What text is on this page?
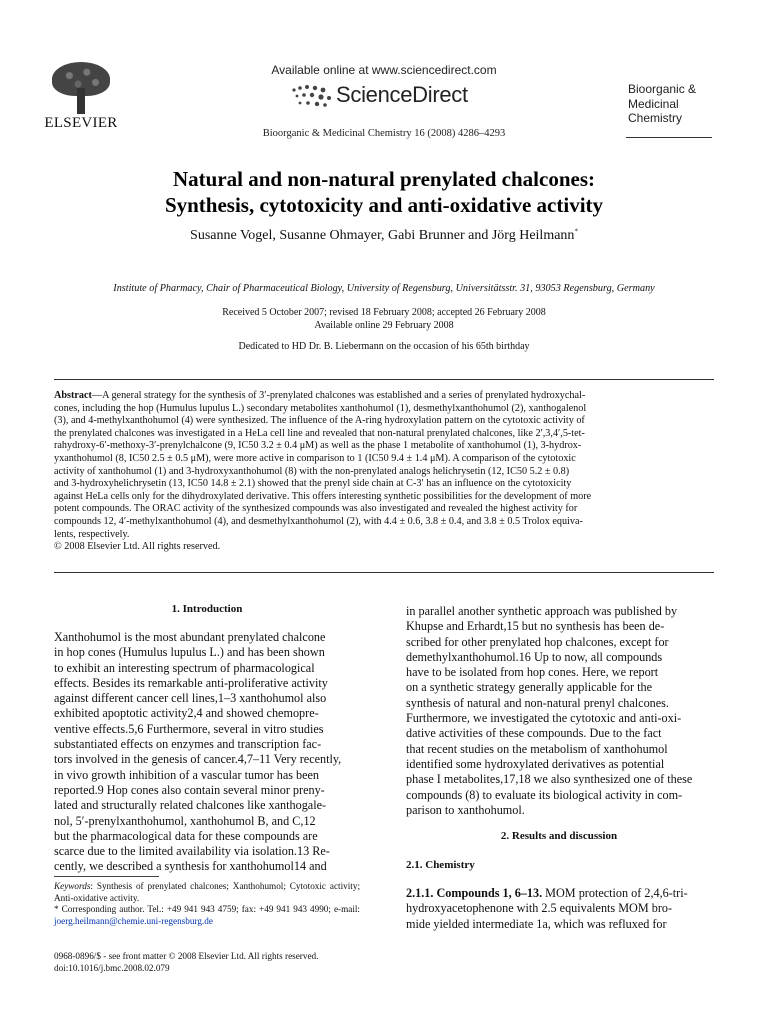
ELSEVIER
Available online at www.sciencedirect.com
ScienceDirect
Bioorganic & Medicinal Chemistry 16 (2008) 4286–4293
Bioorganic &
Medicinal
Chemistry
Natural and non-natural prenylated chalcones:
Synthesis, cytotoxicity and anti-oxidative activity
Susanne Vogel, Susanne Ohmayer, Gabi Brunner and Jörg Heilmann*
Institute of Pharmacy, Chair of Pharmaceutical Biology, University of Regensburg, Universitätsstr. 31, 93053 Regensburg, Germany
Received 5 October 2007; revised 18 February 2008; accepted 26 February 2008
Available online 29 February 2008
Dedicated to HD Dr. B. Liebermann on the occasion of his 65th birthday
Abstract—A general strategy for the synthesis of 3′-prenylated chalcones was established and a series of prenylated hydroxychal-
cones, including the hop (Humulus lupulus L.) secondary metabolites xanthohumol (1), desmethylxanthohumol (2), xanthogalenol
(3), and 4-methylxanthohumol (4) were synthesized. The influence of the A-ring hydroxylation pattern on the cytotoxic activity of
the prenylated chalcones was investigated in a HeLa cell line and revealed that non-natural prenylated chalcones, like 2′,3,4′,5-tet-
rahydroxy-6′-methoxy-3′-prenylchalcone (9, IC50 3.2 ± 0.4 μM) as well as the phase 1 metabolite of xanthohumol (1), 3-hydrox-
yxanthohumol (8, IC50 2.5 ± 0.5 μM), were more active in comparison to 1 (IC50 9.4 ± 1.4 μM). A comparison of the cytotoxic
activity of xanthohumol (1) and 3-hydroxyxanthohumol (8) with the non-prenylated analogs helichrysetin (12, IC50 5.2 ± 0.8)
and 3-hydroxyhelichrysetin (13, IC50 14.8 ± 2.1) showed that the prenyl side chain at C-3′ has an influence on the cytotoxicity
against HeLa cells only for the dihydroxylated derivative. This offers interesting synthetic possibilities for the development of more
potent compounds. The ORAC activity of the synthesized compounds was also investigated and revealed the highest activity for
compounds 12, 4′-methylxanthohumol (4), and desmethylxanthohumol (2), with 4.4 ± 0.6, 3.8 ± 0.4, and 3.8 ± 0.5 Trolox equiva-
lents, respectively.
© 2008 Elsevier Ltd. All rights reserved.
1. Introduction
Xanthohumol is the most abundant prenylated chalcone
in hop cones (Humulus lupulus L.) and has been shown
to exhibit an interesting spectrum of pharmacological
effects. Besides its remarkable anti-proliferative activity
against different cancer cell lines,1–3 xanthohumol also
exhibited apoptotic activity2,4 and showed chemopre-
ventive effects.5,6 Furthermore, several in vitro studies
substantiated effects on enzymes and transcription fac-
tors involved in the genesis of cancer.4,7–11 Very recently,
in vivo growth inhibition of a vascular tumor has been
reported.9 Hop cones also contain several minor preny-
lated and structurally related chalcones like xanthogale-
nol, 5′-prenylxanthohumol, xanthohumol B, and C,12
but the pharmacological data for these compounds are
scarce due to the limited availability via isolation.13 Re-
cently, we described a synthesis for xanthohumol14 and
in parallel another synthetic approach was published by
Khupse and Erhardt,15 but no synthesis has been de-
scribed for other prenylated hop chalcones, except for
demethylxanthohumol.16 Up to now, all compounds
have to be isolated from hop cones. Here, we report
on a synthetic strategy generally applicable for the
synthesis of natural and non-natural prenyl chalcones.
Furthermore, we investigated the cytotoxic and anti-oxi-
dative activities of these compounds. Due to the fact
that recent studies on the metabolism of xanthohumol
identified some hydroxylated derivatives as potential
phase I metabolites,17,18 we also synthesized one of these
compounds (8) to evaluate its biological activity in com-
parison to xanthohumol.
2. Results and discussion
2.1. Chemistry
2.1.1. Compounds 1, 6–13. MOM protection of 2,4,6-tri-
hydroxyacetophenone with 2.5 equivalents MOM bro-
mide yielded intermediate 1a, which was refluxed for
Keywords: Synthesis of prenylated chalcones; Xanthohumol; Cytotoxic activity; Anti-oxidative activity.
* Corresponding author. Tel.: +49 941 943 4759; fax: +49 941 943 4990; e-mail: joerg.heilmann@chemie.uni-regensburg.de
0968-0896/$ - see front matter © 2008 Elsevier Ltd. All rights reserved.
doi:10.1016/j.bmc.2008.02.079
